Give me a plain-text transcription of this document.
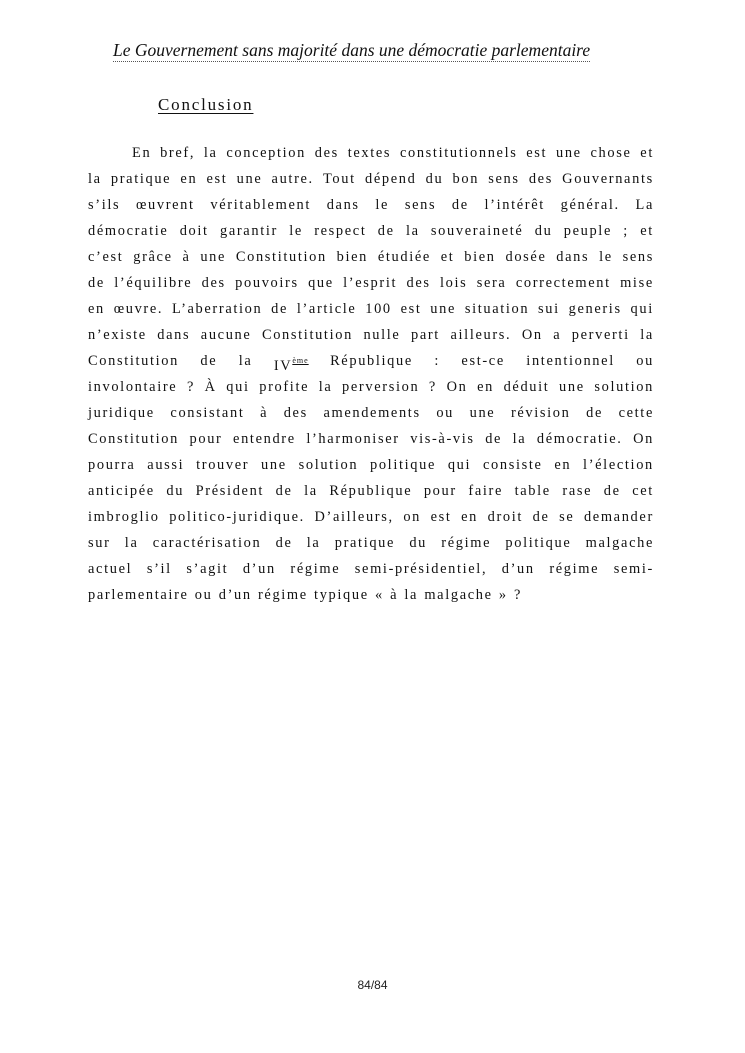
Le Gouvernement sans majorité dans une démocratie parlementaire
Conclusion
En bref, la conception des textes constitutionnels est une chose et
la pratique en est une autre. Tout dépend du bon sens des Gouvernants
s’ils œuvrent véritablement dans le sens de l’intérêt général. La
démocratie doit garantir le respect de la souveraineté du peuple ; et
c’est grâce à une Constitution bien étudiée et bien dosée dans le sens
de l’équilibre des pouvoirs que l’esprit des lois sera correctement mise
en œuvre. L’aberration de l’article 100 est une situation sui generis qui
n’existe dans aucune Constitution nulle part ailleurs. On a perverti la
Constitution de la IVème République : est-ce intentionnel ou
involontaire ? À qui profite la perversion ? On en déduit une solution
juridique consistant à des amendements ou une révision de cette
Constitution pour entendre l’harmoniser vis-à-vis de la démocratie. On
pourra aussi trouver une solution politique qui consiste en l’élection
anticipée du Président de la République pour faire table rase de cet
imbroglio politico-juridique. D’ailleurs, on est en droit de se demander
sur la caractérisation de la pratique du régime politique malgache
actuel s’il s’agit d’un régime semi-présidentiel, d’un régime semi-
parlementaire ou d’un régime typique « à la malgache » ?
84/84
